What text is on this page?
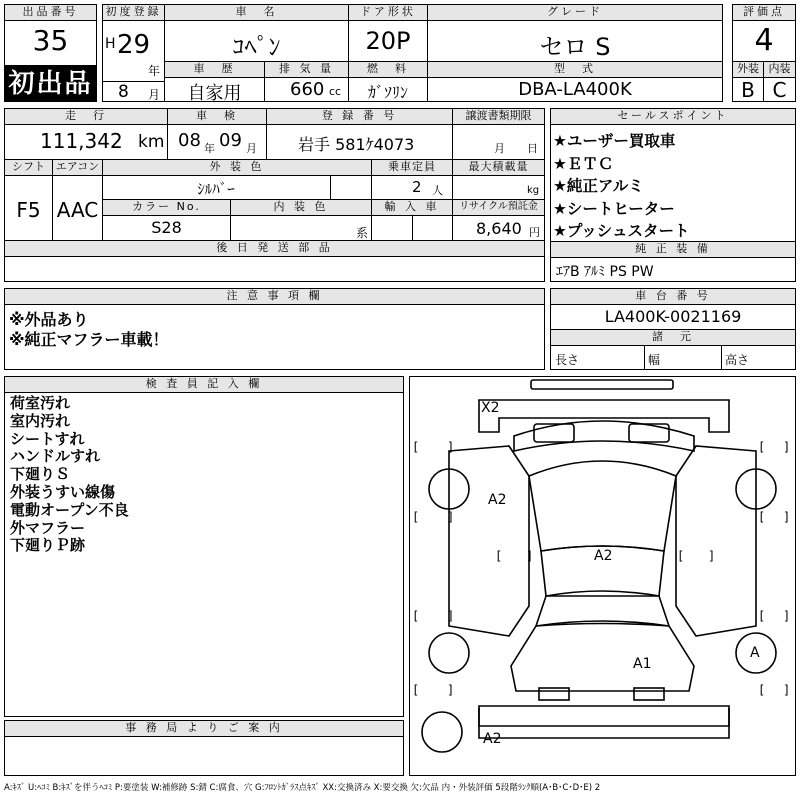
出品番号
35
初出品
初度登録
H 29
年
8 月
車　名
ｺﾍﾟﾝ
ドア形状
20P
グレード
セロ S
評価点
4
車　歴
自家用
排 気 量
660 cc
燃　料
ｶﾞｿﾘﾝ
型　式
DBA-LA400K
外装 内装
B C
走　行
111,342 km
車　検
08 年 09 月
登 録 番 号
岩手 581ｹ4073
譲渡書類期限
月 日
シフト
F5
エアコン
AAC
外 装 色
ｼﾙﾊﾞｰ
乗車定員
2 人
最大積載量
kg
カラー No.
S28
内 装 色
系
輸 入 車	リサイクル預託金
8,640 円
後 日 発 送 部 品
セールスポイント
★ユーザー買取車
★ＥＴＣ
★純正アルミ
★シートヒーター
★プッシュスタート
純 正 装 備
ｴｱB ｱﾙﾐ PS PW
注 意 事 項 欄
※外品あり
※純正マフラー車載！
車 台 番 号
LA400K-0021169
諸　元
長さ	幅	高さ
検 査 員 記 入 欄
荷室汚れ
室内汚れ
シートすれ
ハンドルすれ
下廻りＳ
外装うすい線傷
電動オープン不良
外マフラー
下廻りＰ跡
事 務 局 よ り ご 案 内
[ ]	[ ]
[ ]	[ ]
[ ]	[ ]
[ ]	[ ]
[ ]	[ ]
X2
A2
A2
A1
A
A2
A:ｷｽﾞ U:ﾍｺﾐ B:ｷｽﾞを伴うﾍｺﾐ P:要塗装 W:補修跡 S:錆 C:腐食、穴 G:ﾌﾛﾝﾄｶﾞﾗｽ点ｷｽﾞ XX:交換済み X:要交換 欠:欠品 内・外装評価 5段階ﾗﾝｸ順(A･B･C･D･E) 2
